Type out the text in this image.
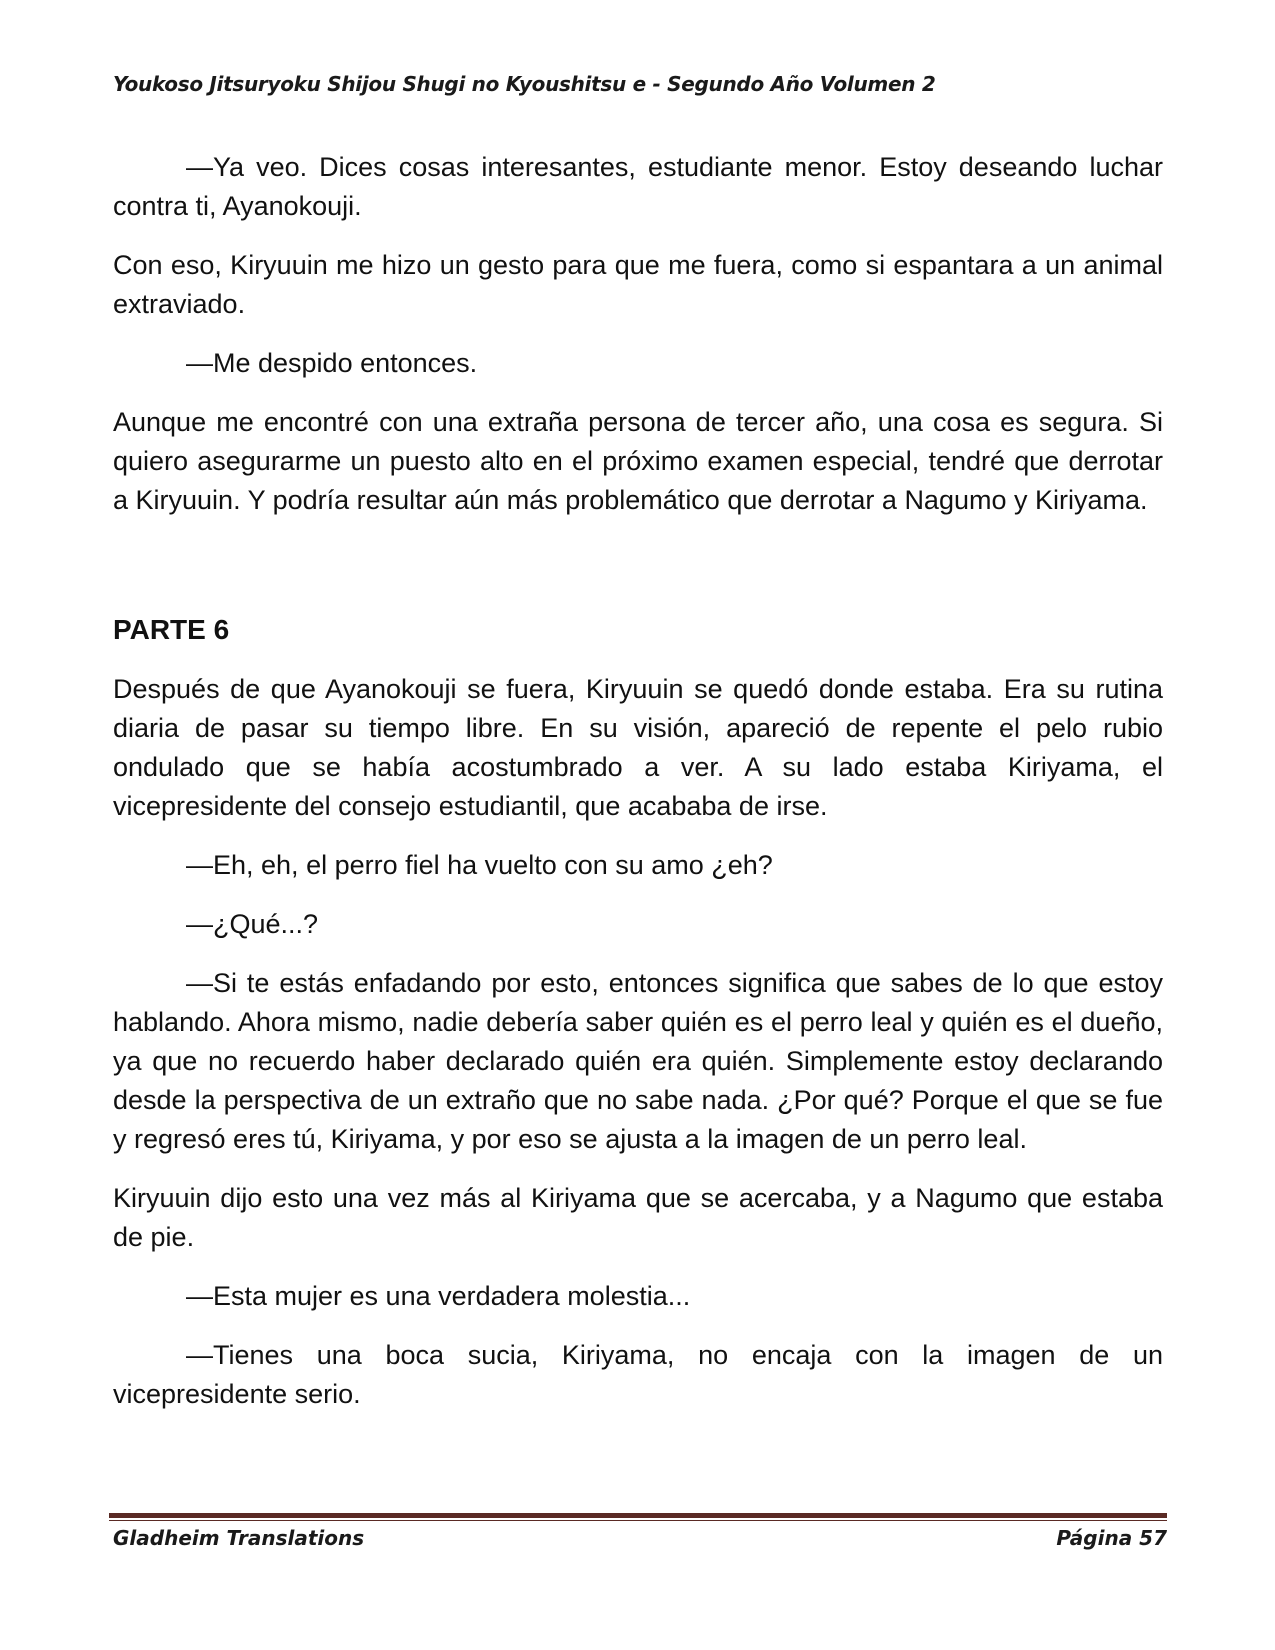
Youkoso Jitsuryoku Shijou Shugi no Kyoushitsu e - Segundo Año Volumen 2

—Ya veo. Dices cosas interesantes, estudiante menor. Estoy deseando luchar contra ti, Ayanokouji.

Con eso, Kiryuuin me hizo un gesto para que me fuera, como si espantara a un animal extraviado.

—Me despido entonces.

Aunque me encontré con una extraña persona de tercer año, una cosa es segura. Si quiero asegurarme un puesto alto en el próximo examen especial, tendré que derrotar a Kiryuuin. Y podría resultar aún más problemático que derrotar a Nagumo y Kiriyama.

PARTE 6

Después de que Ayanokouji se fuera, Kiryuuin se quedó donde estaba. Era su rutina diaria de pasar su tiempo libre. En su visión, apareció de repente el pelo rubio ondulado que se había acostumbrado a ver. A su lado estaba Kiriyama, el vicepresidente del consejo estudiantil, que acababa de irse.

—Eh, eh, el perro fiel ha vuelto con su amo ¿eh?

—¿Qué...?

—Si te estás enfadando por esto, entonces significa que sabes de lo que estoy hablando. Ahora mismo, nadie debería saber quién es el perro leal y quién es el dueño, ya que no recuerdo haber declarado quién era quién. Simplemente estoy declarando desde la perspectiva de un extraño que no sabe nada. ¿Por qué? Porque el que se fue y regresó eres tú, Kiriyama, y por eso se ajusta a la imagen de un perro leal.

Kiryuuin dijo esto una vez más al Kiriyama que se acercaba, y a Nagumo que estaba de pie.

—Esta mujer es una verdadera molestia...

—Tienes una boca sucia, Kiriyama, no encaja con la imagen de un vicepresidente serio.

Gladheim Translations	Página 57
